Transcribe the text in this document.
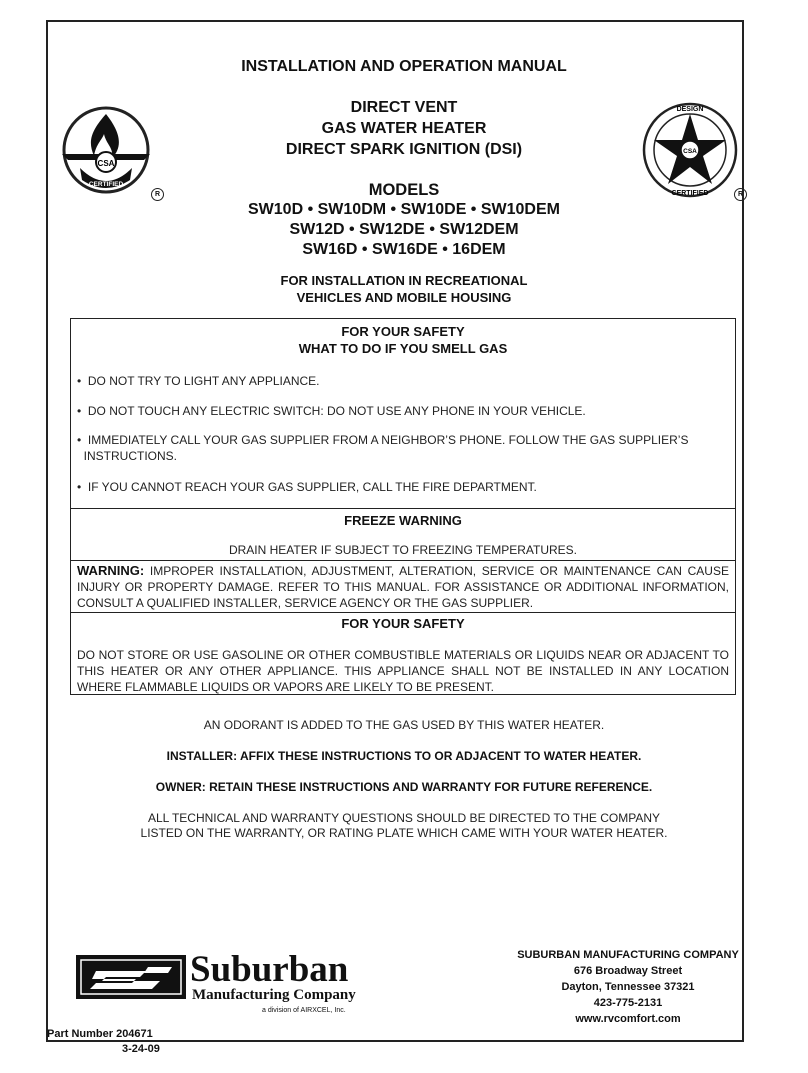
INSTALLATION AND OPERATION MANUAL
DIRECT VENT
GAS WATER HEATER
DIRECT SPARK IGNITION (DSI)
MODELS
SW10D • SW10DM • SW10DE • SW10DEM
SW12D • SW12DE • SW12DEM
SW16D • SW16DE • 16DEM
FOR INSTALLATION IN RECREATIONAL
VEHICLES AND MOBILE HOUSING
CSA
CERTIFIED
R
CSA
DESIGN
CERTIFIED	R
FOR YOUR SAFETY
WHAT TO DO IF YOU SMELL GAS
•  DO NOT TRY TO LIGHT ANY APPLIANCE.
•  DO NOT TOUCH ANY ELECTRIC SWITCH: DO NOT USE ANY PHONE IN YOUR VEHICLE.
•  IMMEDIATELY CALL YOUR GAS SUPPLIER FROM A NEIGHBOR’S PHONE. FOLLOW THE GAS SUPPLIER’S
INSTRUCTIONS.
•  IF YOU CANNOT REACH YOUR GAS SUPPLIER, CALL THE FIRE DEPARTMENT.
FREEZE WARNING
DRAIN HEATER IF SUBJECT TO FREEZING TEMPERATURES.
WARNING: IMPROPER INSTALLATION, ADJUSTMENT, ALTERATION, SERVICE OR MAINTENANCE CAN CAUSE INJURY OR PROPERTY DAMAGE. REFER TO THIS MANUAL. FOR ASSISTANCE OR ADDITIONAL INFORMATION, CONSULT A QUALIFIED INSTALLER, SERVICE AGENCY OR THE GAS SUPPLIER.
FOR YOUR SAFETY
DO NOT STORE OR USE GASOLINE OR OTHER COMBUSTIBLE MATERIALS OR LIQUIDS NEAR OR ADJACENT TO THIS HEATER OR ANY OTHER APPLIANCE. THIS APPLIANCE SHALL NOT BE INSTALLED IN ANY LOCATION WHERE FLAMMABLE LIQUIDS OR VAPORS ARE LIKELY TO BE PRESENT.
AN ODORANT IS ADDED TO THE GAS USED BY THIS WATER HEATER.
INSTALLER: AFFIX THESE INSTRUCTIONS TO OR ADJACENT TO WATER HEATER.
OWNER: RETAIN THESE INSTRUCTIONS AND WARRANTY FOR FUTURE REFERENCE.
ALL TECHNICAL AND WARRANTY QUESTIONS SHOULD BE DIRECTED TO THE COMPANY
LISTED ON THE WARRANTY, OR RATING PLATE WHICH CAME WITH YOUR WATER HEATER.
Suburban
Manufacturing Company
a division of AIRXCEL, Inc.
SUBURBAN MANUFACTURING COMPANY
676 Broadway Street
Dayton, Tennessee 37321
423-775-2131
www.rvcomfort.com
Part Number 204671
3-24-09
